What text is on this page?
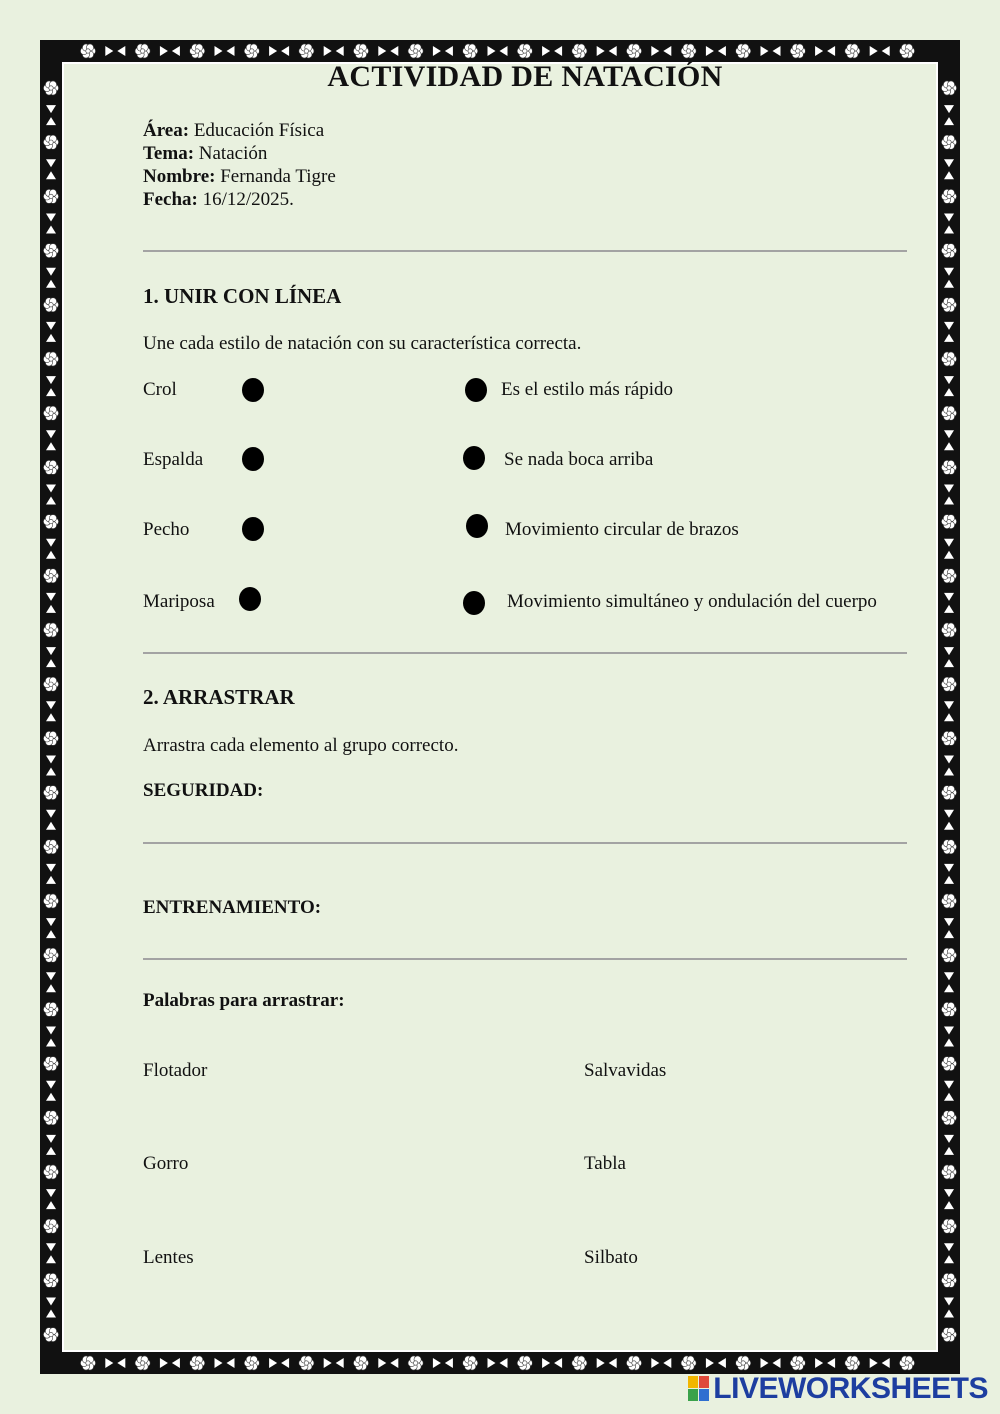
ACTIVIDAD DE NATACIÓN
Área: Educación Física
Tema: Natación
Nombre: Fernanda Tigre
Fecha: 16/12/2025.
1. UNIR CON LÍNEA
Une cada estilo de natación con su característica correcta.
Crol	Es el estilo más rápido
Espalda	Se nada boca arriba
Pecho	Movimiento circular de brazos
Mariposa	Movimiento simultáneo y ondulación del cuerpo
2. ARRASTRAR
Arrastra cada elemento al grupo correcto.
SEGURIDAD:
ENTRENAMIENTO:
Palabras para arrastrar:
Flotador	Salvavidas
Gorro	Tabla
Lentes	Silbato
LIVEWORKSHEETS
